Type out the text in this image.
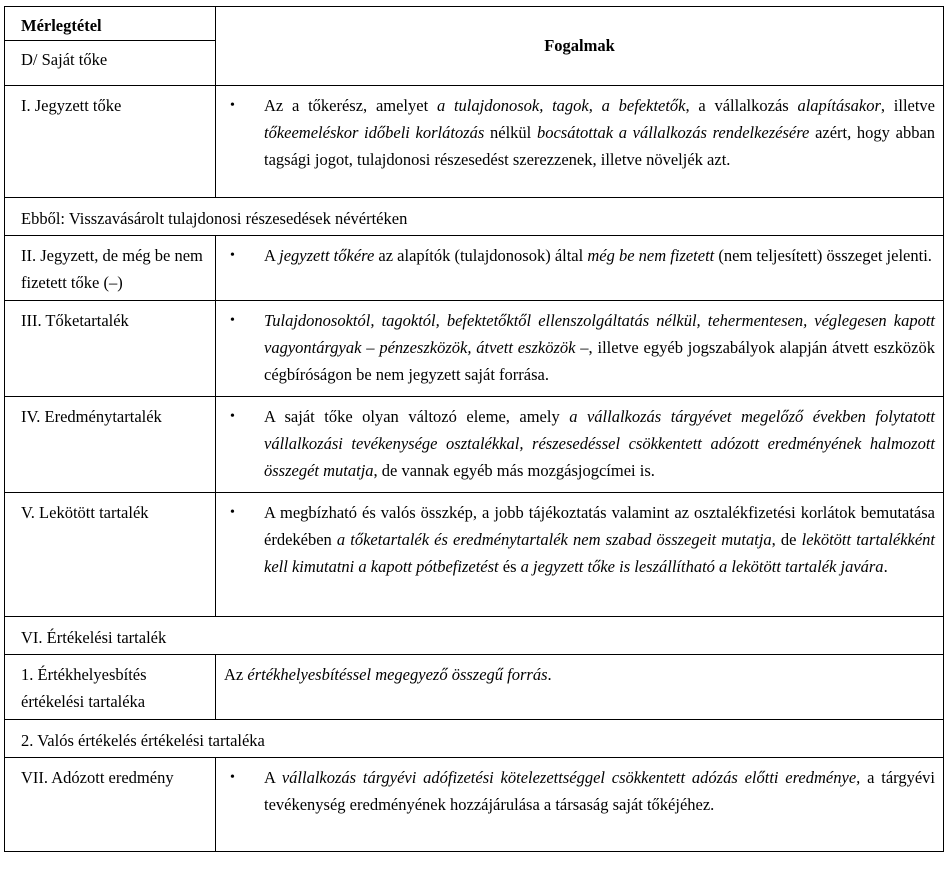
Mérlegtétel
D/ Saját tőke	Fogalmak
I. Jegyzett tőke	• Az a tőkerész, amelyet a tulajdonosok, tagok, a befektetők, a vállalkozás alapításakor, illetve tőkeemeléskor időbeli korlátozás nélkül bocsátottak a vállalkozás rendelkezésére azért, hogy abban tagsági jogot, tulajdonosi részesedést szerezzenek, illetve növeljék azt.

Ebből: Visszavásárolt tulajdonosi részesedések névértéken	
II. Jegyzett, de még be nem fizetett tőke (–)	• A jegyzett tőkére az alapítók (tulajdonosok) által még be nem fizetett (nem teljesített) összeget jelenti.

III. Tőketartalék	• Tulajdonosoktól, tagoktól, befektetőktől ellenszolgáltatás nélkül, tehermentesen, véglegesen kapott vagyontárgyak – pénzeszközök, átvett eszközök –, illetve egyéb jogszabályok alapján átvett eszközök cégbíróságon be nem jegyzett saját forrása.

IV. Eredménytartalék	• A saját tőke olyan változó eleme, amely a vállalkozás tárgyévet megelőző években folytatott vállalkozási tevékenysége osztalékkal, részesedéssel csökkentett adózott eredményének halmozott összegét mutatja, de vannak egyéb más mozgásjogcímei is.

V. Lekötött tartalék	• A megbízható és valós összkép, a jobb tájékoztatás valamint az osztalékfizetési korlátok bemutatása érdekében a tőketartalék és eredménytartalék nem szabad összegeit mutatja, de lekötött tartalékként kell kimutatni a kapott pótbefizetést és a jegyzett tőke is leszállítható a lekötött tartalék javára.

VI. Értékelési tartalék	
1. Értékhelyesbítés értékelési tartaléka	Az értékhelyesbítéssel megegyező összegű forrás.

2. Valós értékelés értékelési tartaléka	
VII. Adózott eredmény	• A vállalkozás tárgyévi adófizetési kötelezettséggel csökkentett adózás előtti eredménye, a tárgyévi tevékenység eredményének hozzájárulása a társaság saját tőkéjéhez.
